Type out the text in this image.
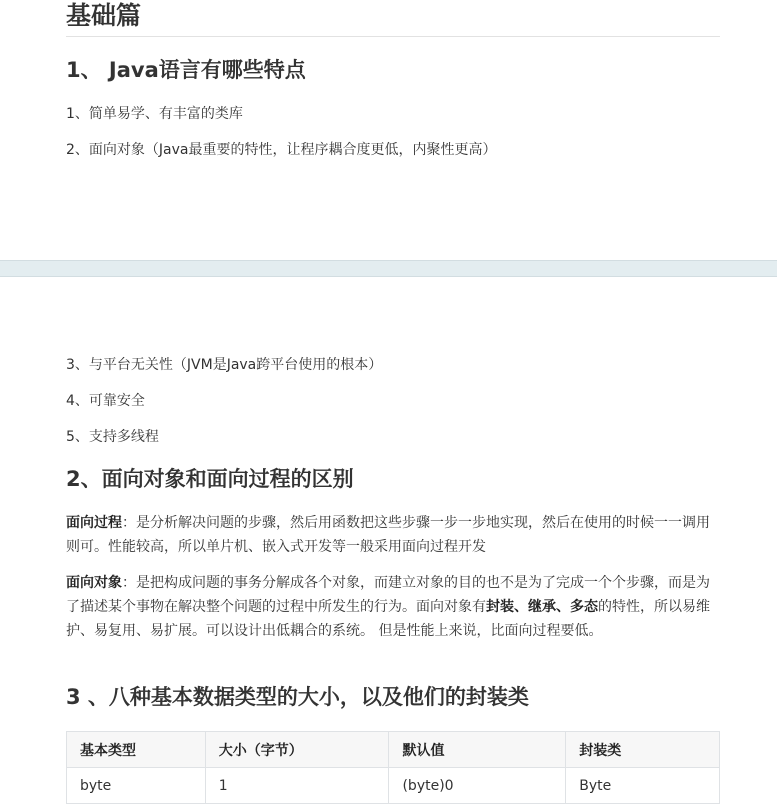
基础篇
1、 Java语言有哪些特点
1、简单易学、有丰富的类库
2、面向对象（Java最重要的特性，让程序耦合度更低，内聚性更高）
3、与平台无关性（JVM是Java跨平台使用的根本）
4、可靠安全
5、支持多线程
2、面向对象和面向过程的区别
面向过程：是分析解决问题的步骤，然后用函数把这些步骤一步一步地实现，然后在使用的时候一一调用则可。性能较高，所以单片机、嵌入式开发等一般采用面向过程开发
面向对象：是把构成问题的事务分解成各个对象，而建立对象的目的也不是为了完成一个个步骤，而是为了描述某个事物在解决整个问题的过程中所发生的行为。面向对象有封装、继承、多态的特性，所以易维护、易复用、易扩展。可以设计出低耦合的系统。 但是性能上来说，比面向过程要低。
3 、八种基本数据类型的大小，以及他们的封装类
基本类型	大小（字节）	默认值	封装类
byte	1	(byte)0	Byte
